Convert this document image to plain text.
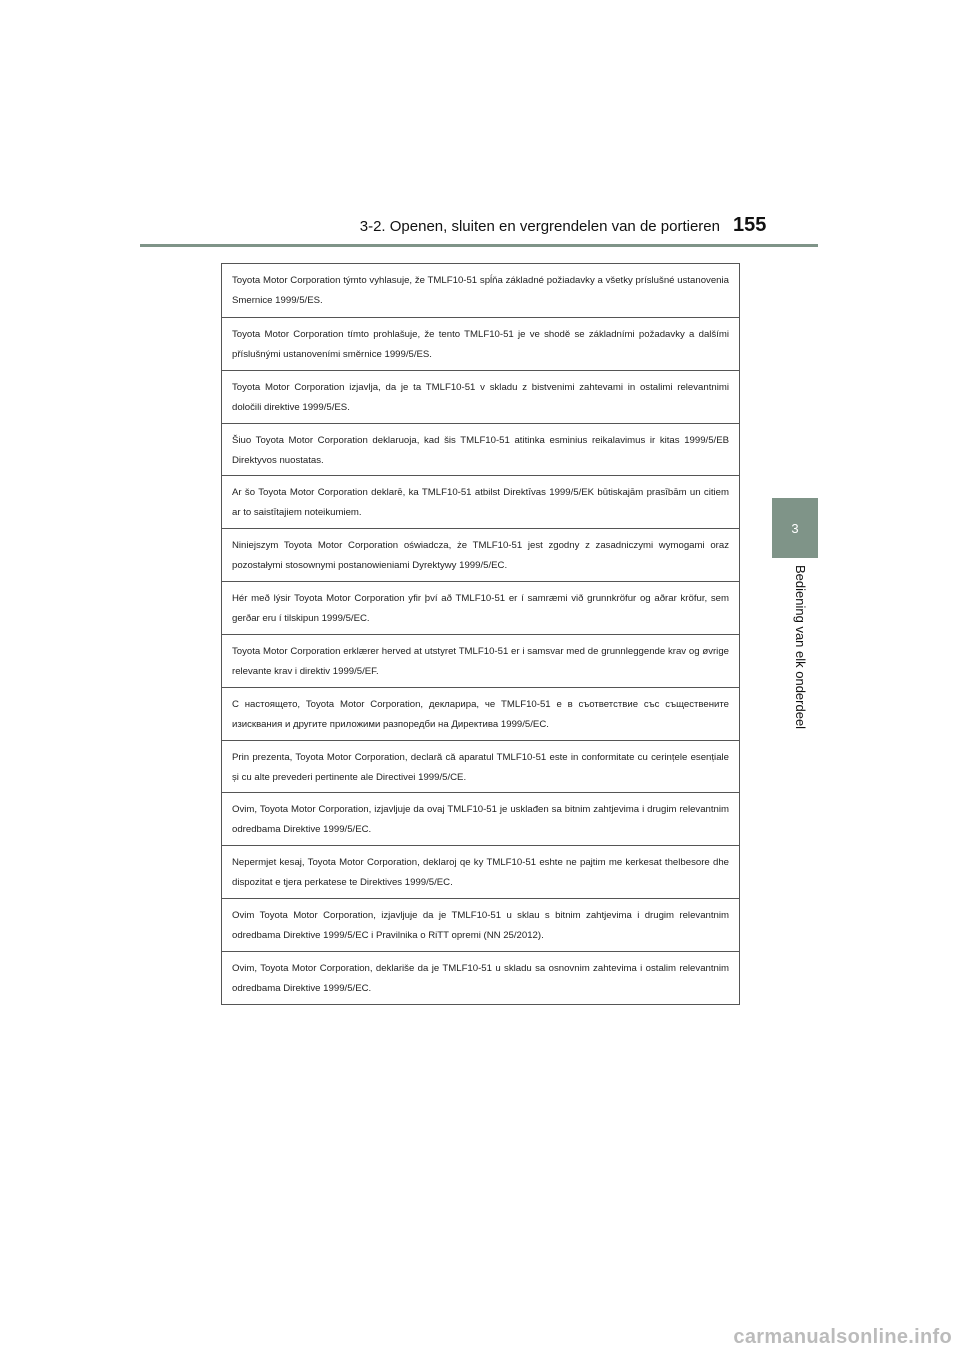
3-2. Openen, sluiten en vergrendelen van de portieren 155
3
Bediening van elk onderdeel
Toyota Motor Corporation týmto vyhlasuje, že TMLF10-51 spĺňa základné požiadavky a všetky príslušné ustanovenia Smernice 1999/5/ES.
Toyota Motor Corporation tímto prohlašuje, že tento TMLF10-51 je ve shodě se základními požadavky a dalšími příslušnými ustanoveními směrnice 1999/5/ES.
Toyota Motor Corporation izjavlja, da je ta TMLF10-51 v skladu z bistvenimi zahtevami in ostalimi relevantnimi določili direktive 1999/5/ES.
Šiuo Toyota Motor Corporation deklaruoja, kad šis TMLF10-51 atitinka esminius reikalavimus ir kitas 1999/5/EB Direktyvos nuostatas.
Ar šo Toyota Motor Corporation deklarē, ka TMLF10-51 atbilst Direktīvas 1999/5/EK būtiskajām prasībām un citiem ar to saistītajiem noteikumiem.
Niniejszym Toyota Motor Corporation oświadcza, że TMLF10-51 jest zgodny z zasadniczymi wymogami oraz pozostałymi stosownymi postanowieniami Dyrektywy 1999/5/EC.
Hér með lýsir Toyota Motor Corporation yfir því að TMLF10-51 er í samræmi við grunnkröfur og aðrar kröfur, sem gerðar eru í tilskipun 1999/5/EC.
Toyota Motor Corporation erklærer herved at utstyret TMLF10-51 er i samsvar med de grunnleggende krav og øvrige relevante krav i direktiv 1999/5/EF.
С настоящето, Toyota Motor Corporation, декларира, че TMLF10-51 е в съответствие със съществените изисквания и другите приложими разпоредби на Директива 1999/5/ЕС.
Prin prezenta, Toyota Motor Corporation, declară că aparatul TMLF10-51 este in conformitate cu cerințele esențiale și cu alte prevederi pertinente ale Directivei 1999/5/CE.
Ovim, Toyota Motor Corporation, izjavljuje da ovaj TMLF10-51 je usklađen sa bitnim zahtjevima i drugim relevantnim odredbama Direktive 1999/5/EC.
Nepermjet kesaj, Toyota Motor Corporation, deklaroj qe ky TMLF10-51 eshte ne pajtim me kerkesat thelbesore dhe dispozitat e tjera perkatese te Direktives 1999/5/EC.
Ovim Toyota Motor Corporation, izjavljuje da je TMLF10-51 u sklau s bitnim zahtjevima i drugim relevantnim odredbama Direktive 1999/5/EC i Pravilnika o RiTT opremi (NN 25/2012).
Ovim, Toyota Motor Corporation, deklariše da je TMLF10-51 u skladu sa osnovnim zahtevima i ostalim relevantnim odredbama Direktive 1999/5/EC.
carmanualsonline.info
